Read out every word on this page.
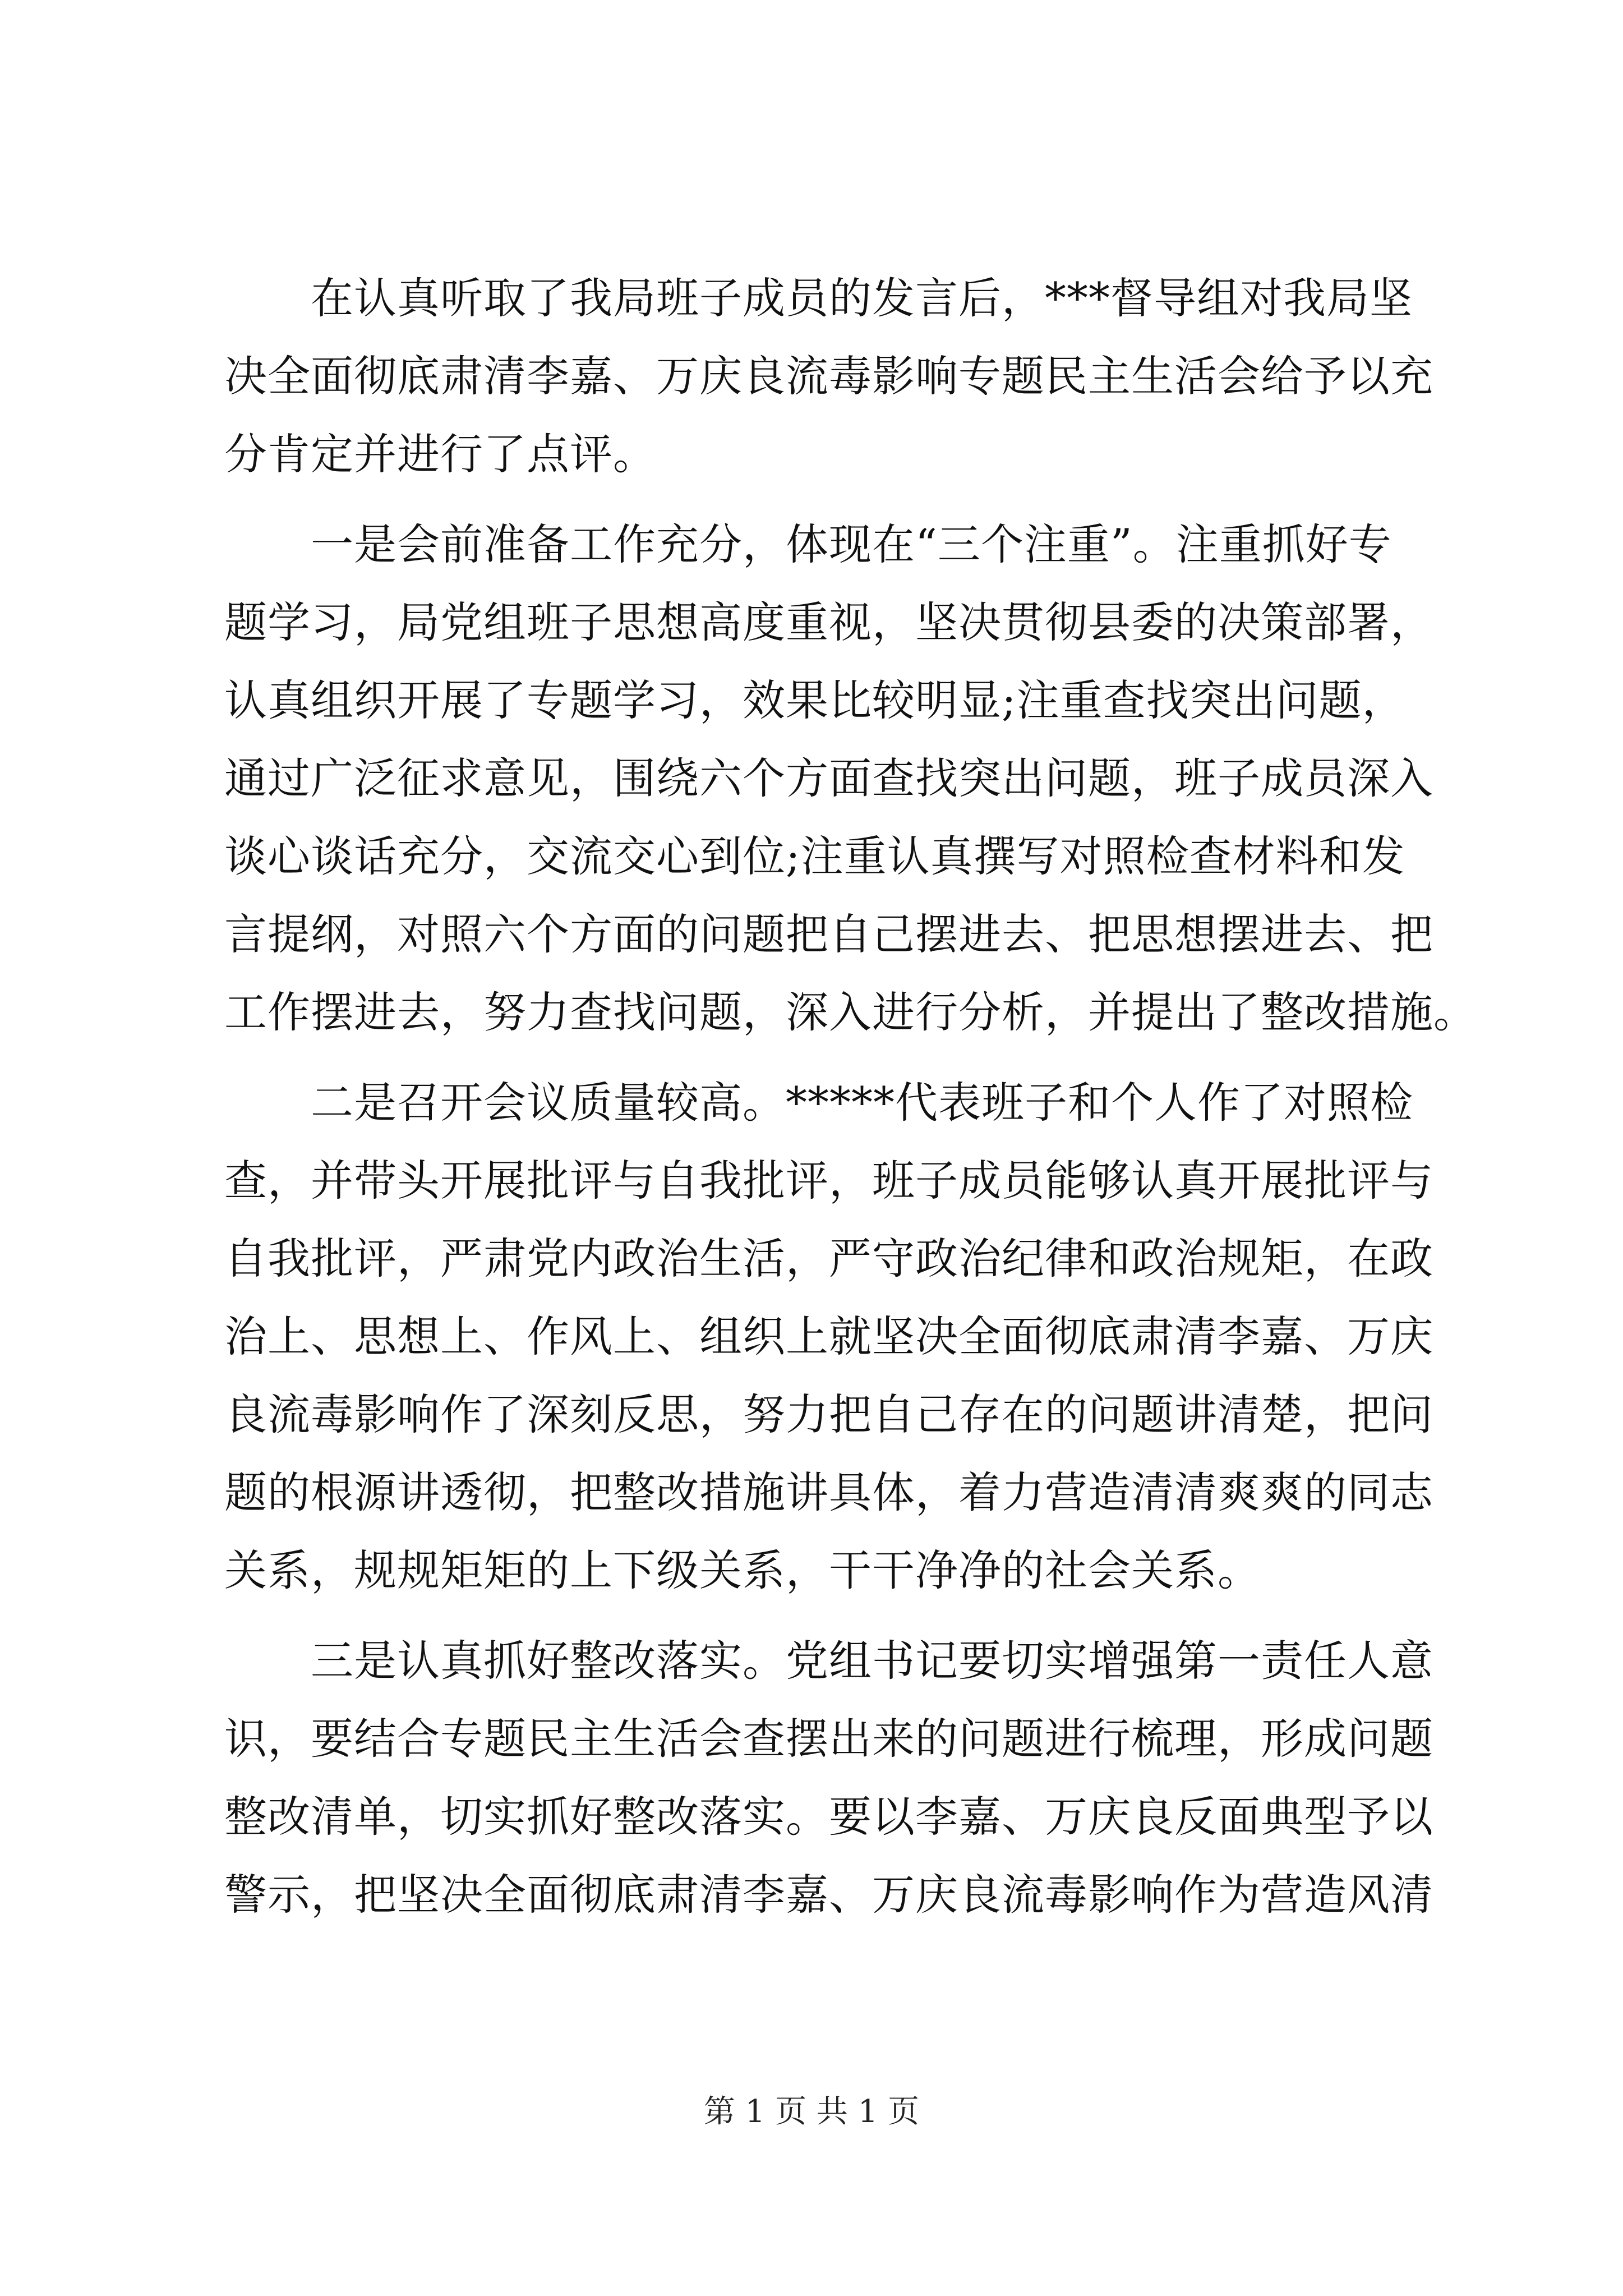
　　在认真听取了我局班子成员的发言后，***督导组对我局坚
决全面彻底肃清李嘉、万庆良流毒影响专题民主生活会给予以充
分肯定并进行了点评。
　　一是会前准备工作充分，体现在“三个注重”。注重抓好专
题学习，局党组班子思想高度重视，坚决贯彻县委的决策部署，
认真组织开展了专题学习，效果比较明显;注重查找突出问题，
通过广泛征求意见，围绕六个方面查找突出问题，班子成员深入
谈心谈话充分，交流交心到位;注重认真撰写对照检查材料和发
言提纲，对照六个方面的问题把自己摆进去、把思想摆进去、把
工作摆进去，努力查找问题，深入进行分析，并提出了整改措施。
　　二是召开会议质量较高。*****代表班子和个人作了对照检
查，并带头开展批评与自我批评，班子成员能够认真开展批评与
自我批评，严肃党内政治生活，严守政治纪律和政治规矩，在政
治上、思想上、作风上、组织上就坚决全面彻底肃清李嘉、万庆
良流毒影响作了深刻反思，努力把自己存在的问题讲清楚，把问
题的根源讲透彻，把整改措施讲具体，着力营造清清爽爽的同志
关系，规规矩矩的上下级关系，干干净净的社会关系。
　　三是认真抓好整改落实。党组书记要切实增强第一责任人意
识，要结合专题民主生活会查摆出来的问题进行梳理，形成问题
整改清单，切实抓好整改落实。要以李嘉、万庆良反面典型予以
警示，把坚决全面彻底肃清李嘉、万庆良流毒影响作为营造风清
第 1 页 共 1 页
